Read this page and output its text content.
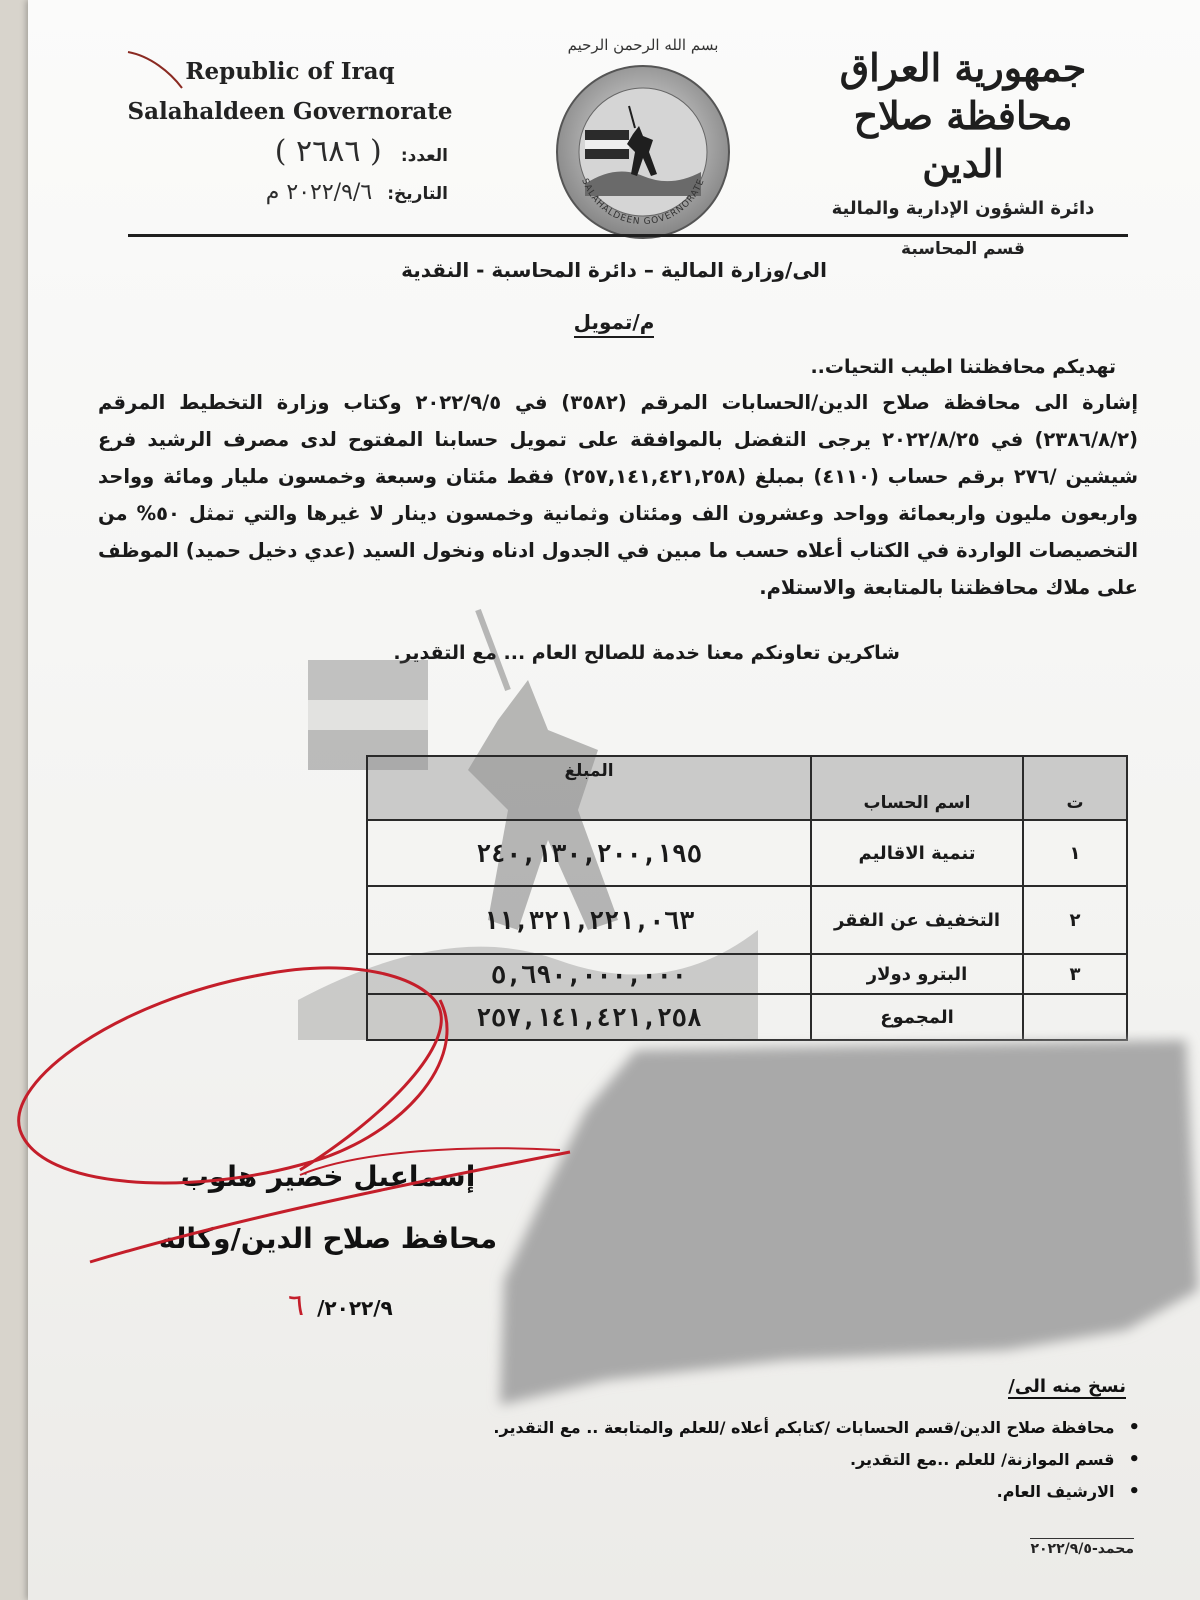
Republic of Iraq
Salahaldeen Governorate
العدد: ( ٢٦٨٦ )
التاريخ: ٢٠٢٢/٩/٦ م
بسم الله الرحمن الرحيم
SALAHALDEEN GOVERNORATE
جمهورية العراق
محافظة صلاح الدين
دائرة الشؤون الإدارية والمالية
قسم المحاسبة
الى/وزارة المالية – دائرة المحاسبة - النقدية
م/تمويل
تهديكم محافظتنا اطيب التحيات..
إشارة الى محافظة صلاح الدين/الحسابات المرقم (٣٥٨٢) في ٢٠٢٢/٩/٥ وكتاب وزارة التخطيط المرقم (٢٣٨٦/٨/٢) في ٢٠٢٢/٨/٢٥ يرجى التفضل بالموافقة على تمويل حسابنا المفتوح لدى مصرف الرشيد فرع شيشين /٢٧٦ برقم حساب (٤١١٠) بمبلغ (٢٥٧,١٤١,٤٢١,٢٥٨) فقط مئتان وسبعة وخمسون مليار ومائة وواحد واربعون مليون واربعمائة وواحد وعشرون الف ومئتان وثمانية وخمسون دينار لا غيرها والتي تمثل ٥٠% من التخصيصات الواردة في الكتاب أعلاه حسب ما مبين في الجدول ادناه ونخول السيد (عدي دخيل حميد) الموظف على ملاك محافظتنا بالمتابعة والاستلام.
شاكرين تعاونكم معنا خدمة للصالح العام ... مع التقدير.
ت	اسم الحساب	المبلغ
١	تنمية الاقاليم	٢٤٠,١٣٠,٢٠٠,١٩٥
٢	التخفيف عن الفقر	١١,٣٢١,٢٢١,٠٦٣
٣	البترو دولار	٥,٦٩٠,٠٠٠,٠٠٠
	المجموع	٢٥٧,١٤١,٤٢١,٢٥٨
إسماعيل خضير هلوب
محافظ صلاح الدين/وكاله
٢٠٢٢/٩/ ٦
نسخ منه الى/
• محافظة صلاح الدين/قسم الحسابات /كتابكم أعلاه /للعلم والمتابعة .. مع التقدير.
• قسم الموازنة/ للعلم ..مع التقدير.
• الارشيف العام.
محمد-٢٠٢٢/٩/٥
